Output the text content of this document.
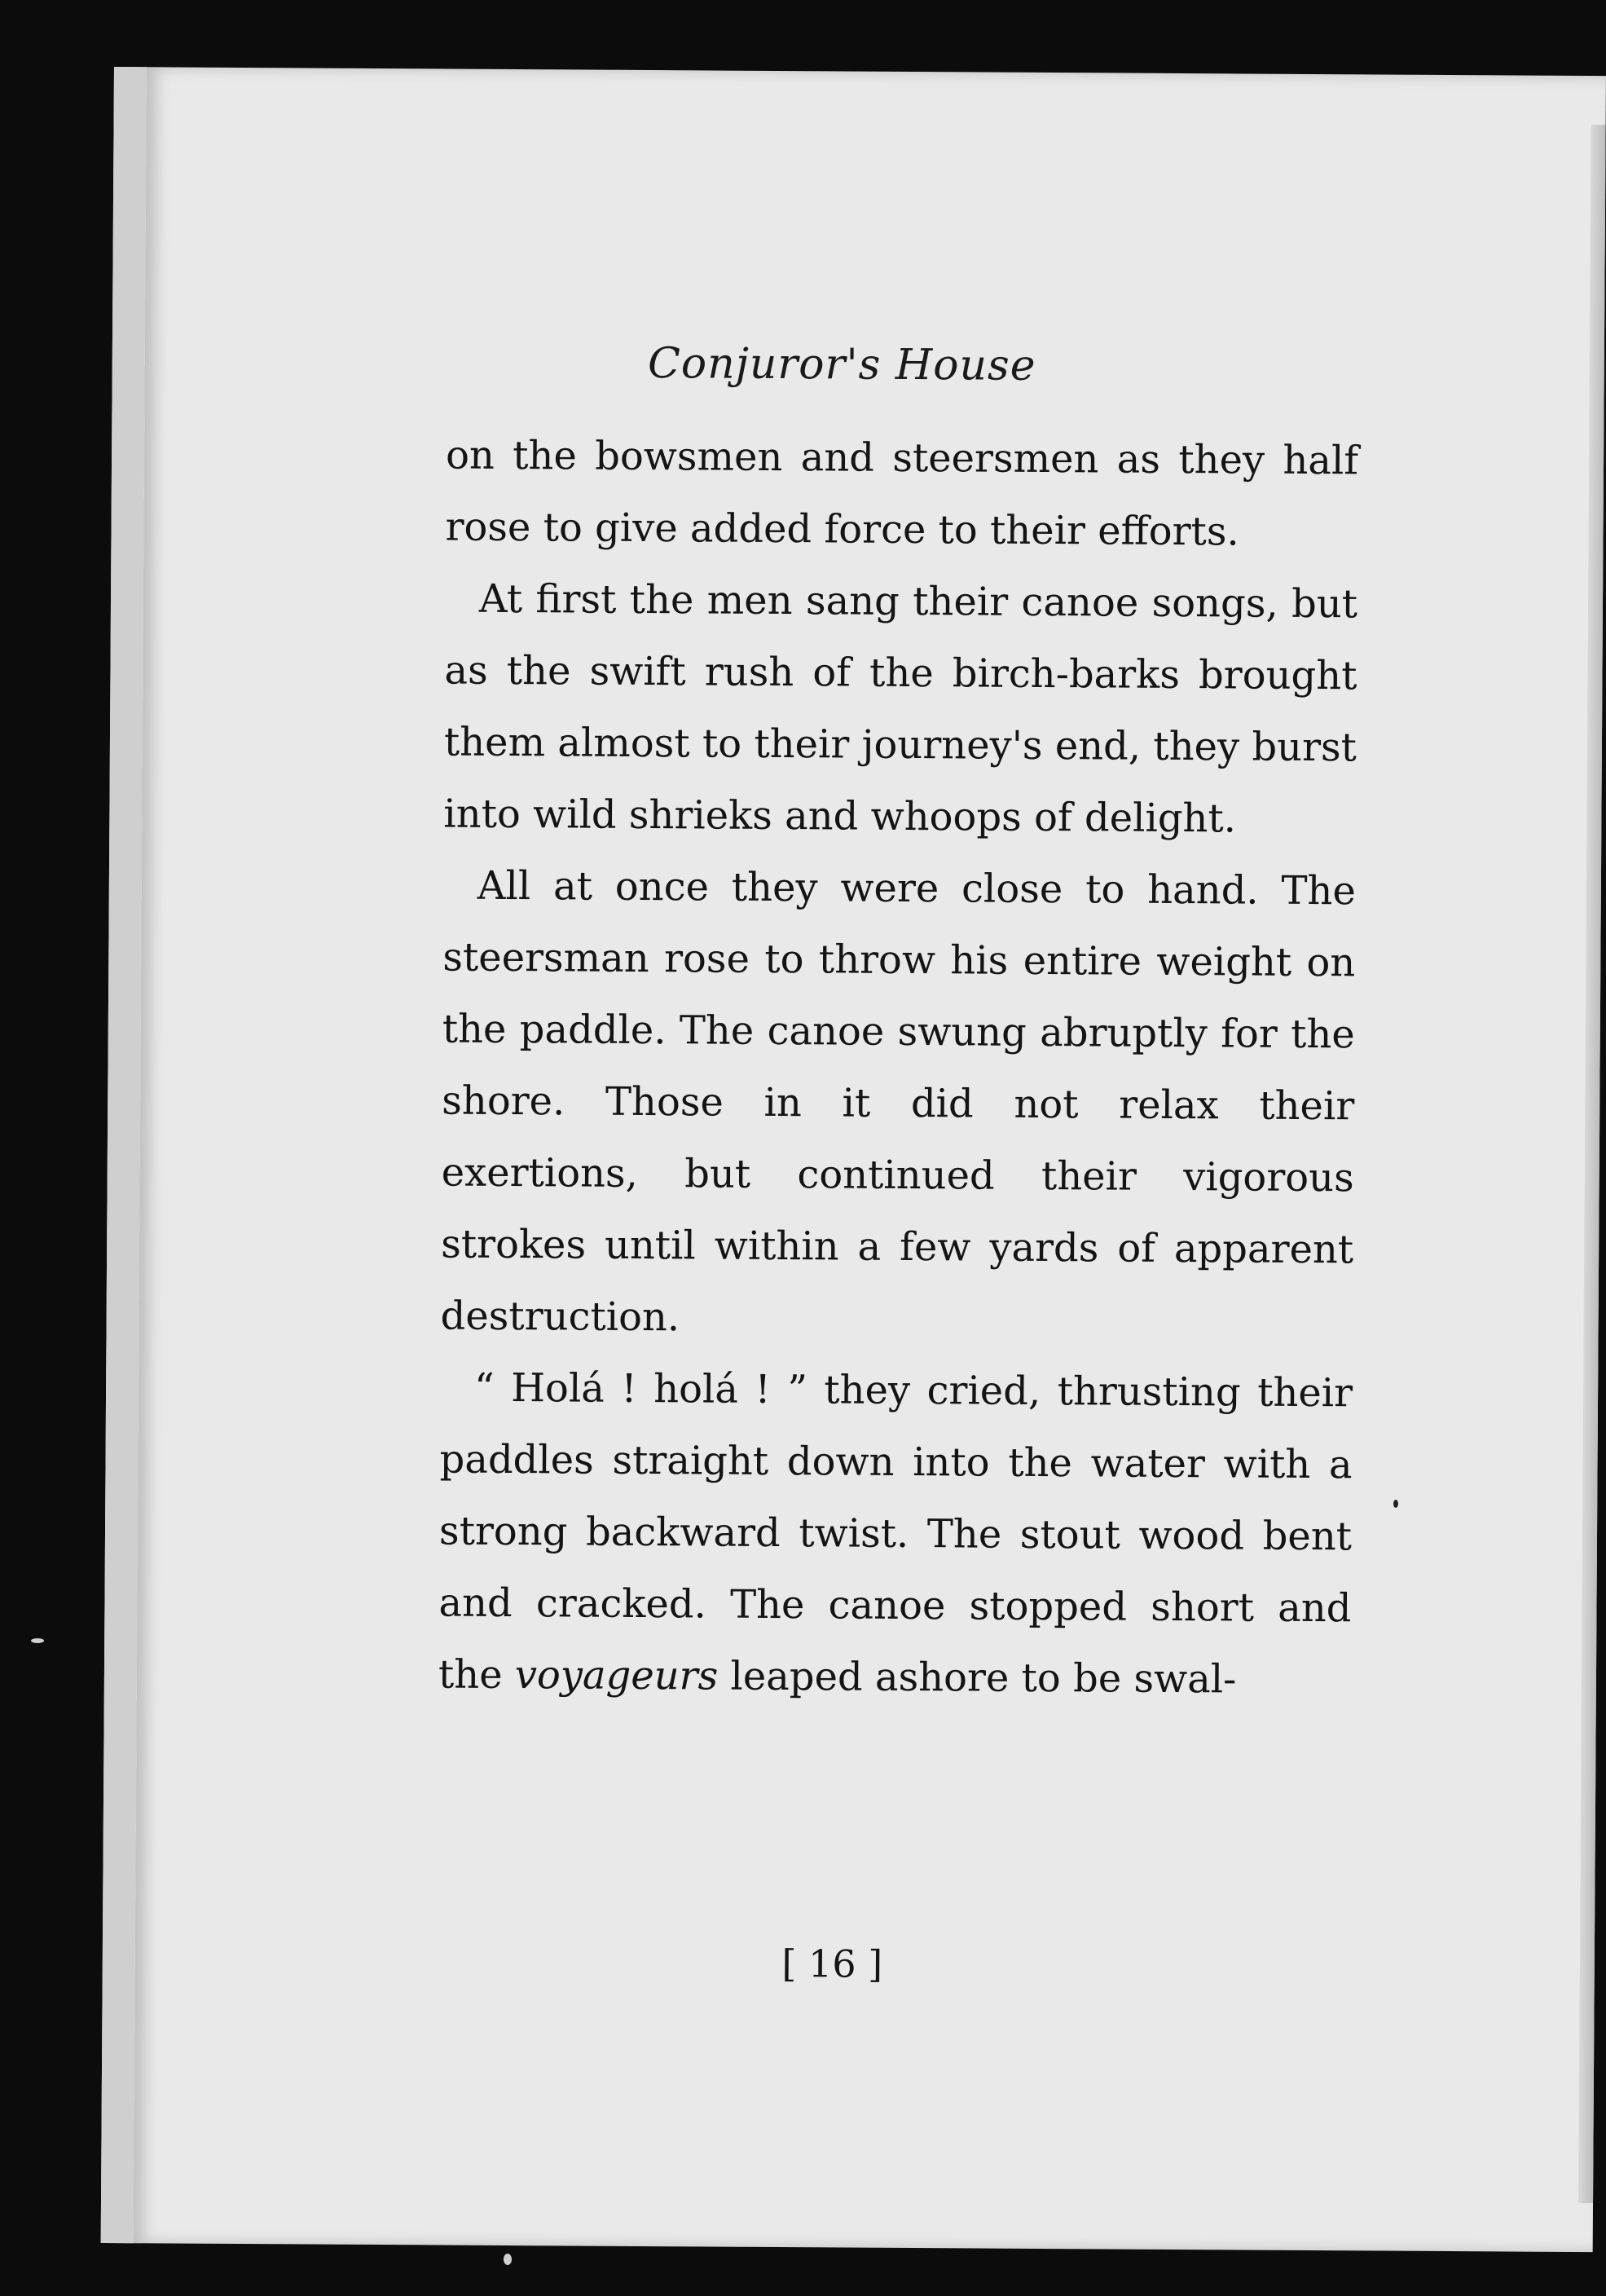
Conjuror's House

on the bowsmen and steersmen as they half rose to give added force to their efforts.

At first the men sang their canoe songs, but as the swift rush of the birch-barks brought them almost to their journey's end, they burst into wild shrieks and whoops of delight.

All at once they were close to hand. The steersman rose to throw his entire weight on the paddle. The canoe swung abruptly for the shore. Those in it did not relax their exertions, but continued their vigorous strokes until within a few yards of apparent destruction.

“ Holá ! holá ! ” they cried, thrusting their paddles straight down into the water with a strong backward twist. The stout wood bent and cracked. The canoe stopped short and the voyageurs leaped ashore to be swal-

[ 16 ]
